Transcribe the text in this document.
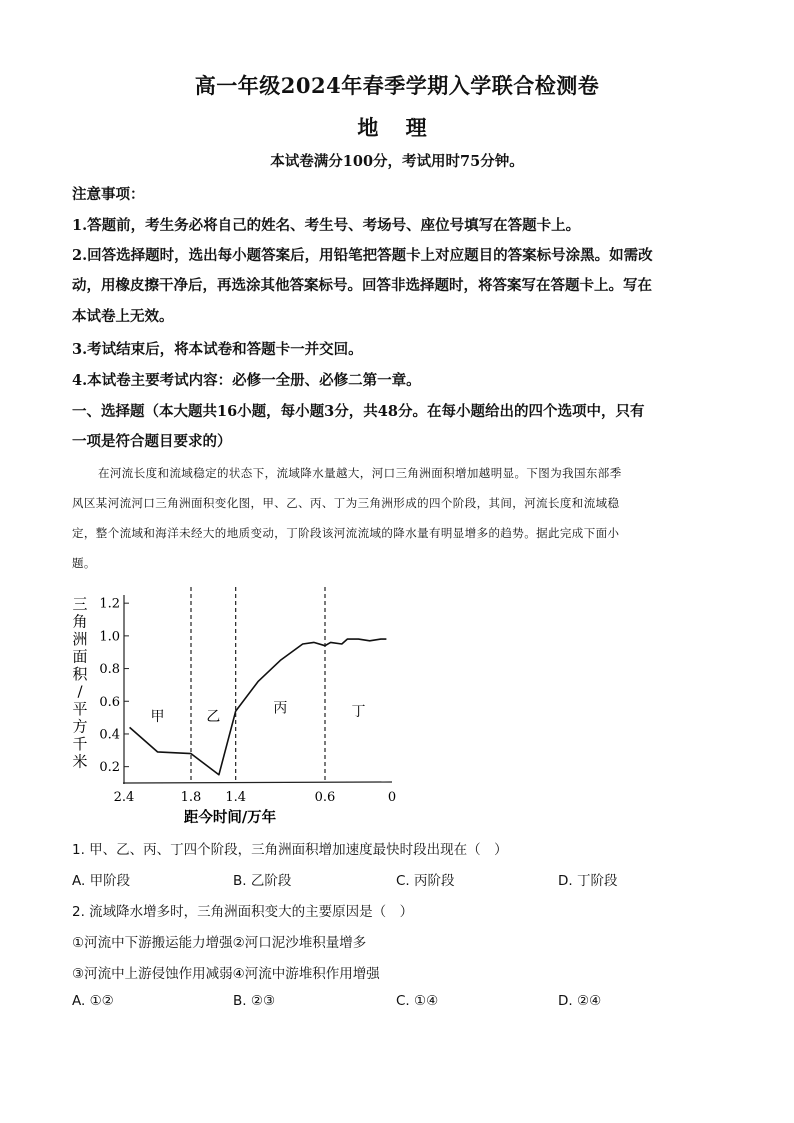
高一年级2024年春季学期入学联合检测卷
地 理
本试卷满分100分，考试用时75分钟。
注意事项：
1.答题前，考生务必将自己的姓名、考生号、考场号、座位号填写在答题卡上。
2.回答选择题时，选出每小题答案后，用铅笔把答题卡上对应题目的答案标号涂黑。如需改
动，用橡皮擦干净后，再选涂其他答案标号。回答非选择题时，将答案写在答题卡上。写在
本试卷上无效。
3.考试结束后，将本试卷和答题卡一并交回。
4.本试卷主要考试内容：必修一全册、必修二第一章。
一、选择题（本大题共16小题，每小题3分，共48分。在每小题给出的四个选项中，只有
一项是符合题目要求的）
在河流长度和流域稳定的状态下，流域降水量越大，河口三角洲面积增加越明显。下图为我国东部季
风区某河流河口三角洲面积变化图，甲、乙、丙、丁为三角洲形成的四个阶段，其间，河流长度和流域稳
定，整个流域和海洋未经大的地质变动，丁阶段该河流流域的降水量有明显增多的趋势。据此完成下面小
题。
0.2
0.4
0.6
0.8
1.0
1.2
2.4	1.8 1.4	0.6	0
甲	乙
丙	丁
三
角
洲
面
积
/
平
方
千
米
距今时间/万年
1. 甲、乙、丙、丁四个阶段，三角洲面积增加速度最快时段出现在（　）
A. 甲阶段	B. 乙阶段	C. 丙阶段	D. 丁阶段
2. 流域降水增多时，三角洲面积变大的主要原因是（　）
①河流中下游搬运能力增强②河口泥沙堆积量增多
③河流中上游侵蚀作用减弱④河流中游堆积作用增强
A. ①②	B. ②③	C. ①④	D. ②④
